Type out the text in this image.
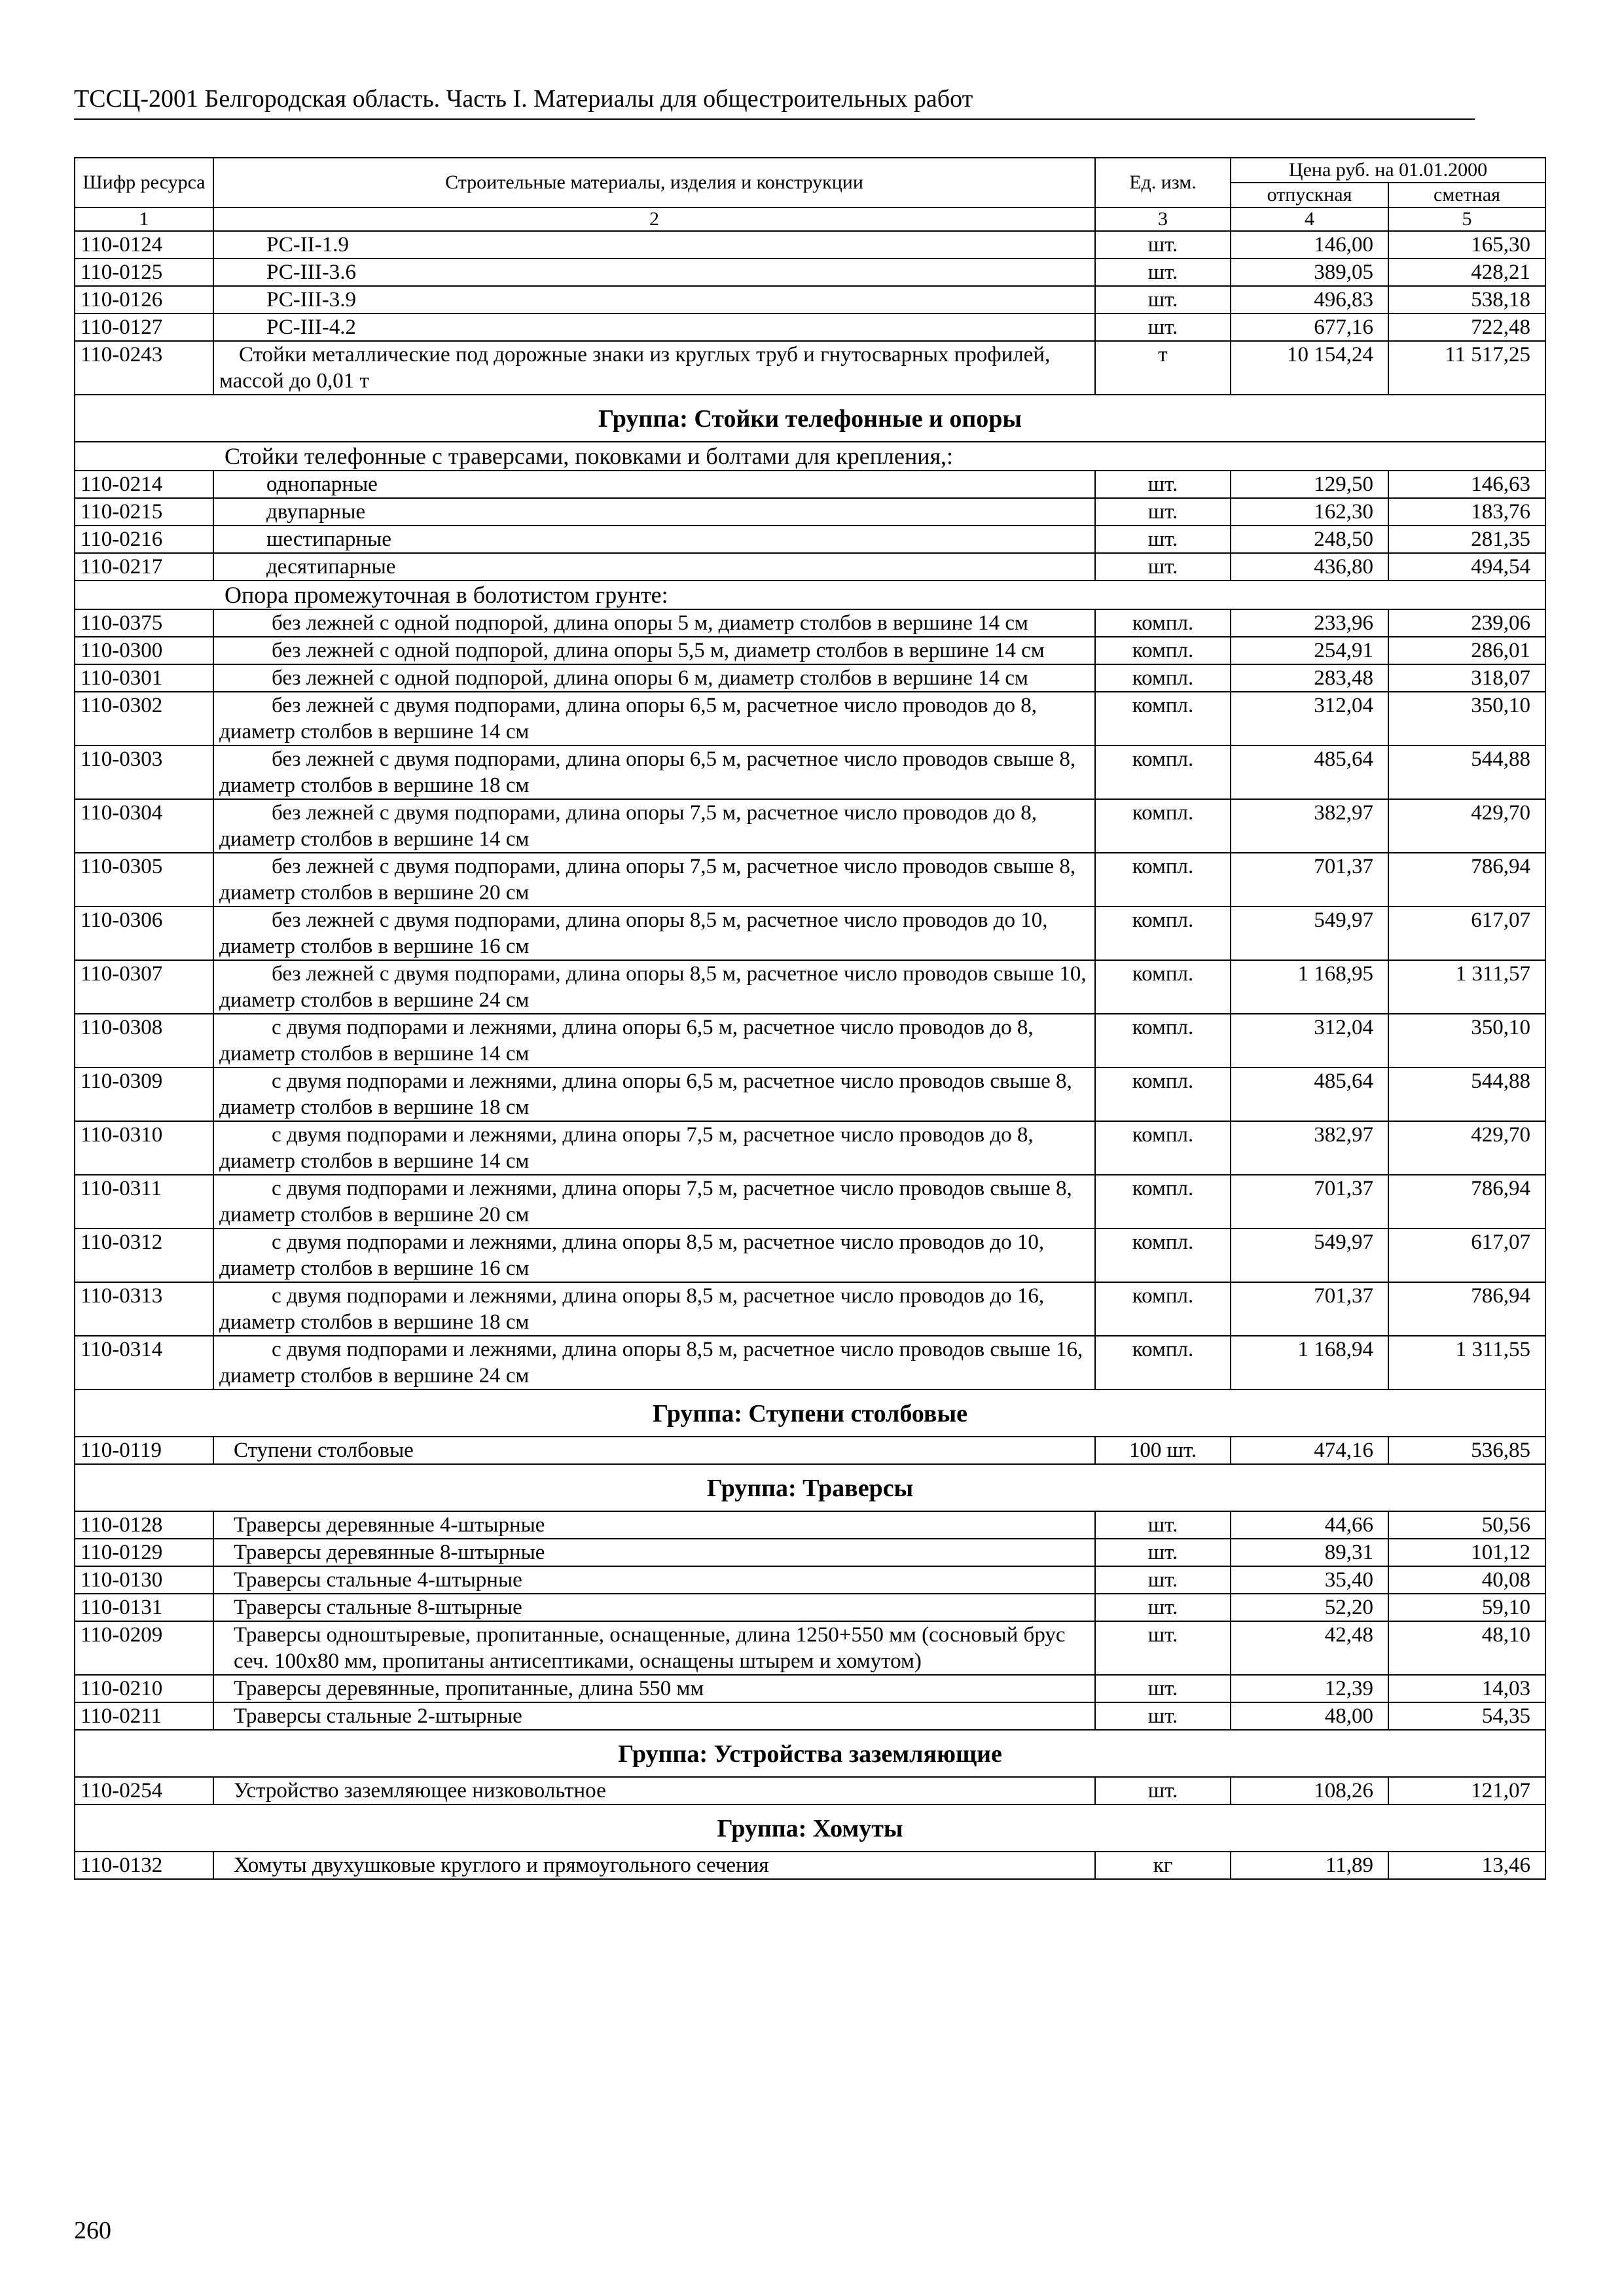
ТССЦ-2001 Белгородская область. Часть I. Материалы для общестроительных работ
Шифр ресурса	Строительные материалы, изделия и конструкции	Ед. изм.	Цена руб. на 01.01.2000	
			отпускная	сметная
1	2	3	4	5
110-0124	РС-II-1.9	шт.	146,00	165,30
110-0125	РС-III-3.6	шт.	389,05	428,21
110-0126	РС-III-3.9	шт.	496,83	538,18
110-0127	РС-III-4.2	шт.	677,16	722,48
110-0243	Стойки металлические под дорожные знаки из круглых труб и гнутосварных профилей, массой до 0,01 т	т	10 154,24	11 517,25
Группа: Стойки телефонные и опоры				
Стойки телефонные с траверсами, поковками и болтами для крепления,:				
110-0214	однопарные	шт.	129,50	146,63
110-0215	двупарные	шт.	162,30	183,76
110-0216	шестипарные	шт.	248,50	281,35
110-0217	десятипарные	шт.	436,80	494,54
Опора промежуточная в болотистом грунте:				
110-0375	без лежней с одной подпорой, длина опоры 5 м, диаметр столбов в вершине 14 см	компл.	233,96	239,06
110-0300	без лежней с одной подпорой, длина опоры 5,5 м, диаметр столбов в вершине 14 см	компл.	254,91	286,01
110-0301	без лежней с одной подпорой, длина опоры 6 м, диаметр столбов в вершине 14 см	компл.	283,48	318,07
110-0302	без лежней с двумя подпорами, длина опоры 6,5 м, расчетное число проводов до 8, диаметр столбов в вершине 14 см	компл.	312,04	350,10
110-0303	без лежней с двумя подпорами, длина опоры 6,5 м, расчетное число проводов свыше 8, диаметр столбов в вершине 18 см	компл.	485,64	544,88
110-0304	без лежней с двумя подпорами, длина опоры 7,5 м, расчетное число проводов до 8, диаметр столбов в вершине 14 см	компл.	382,97	429,70
110-0305	без лежней с двумя подпорами, длина опоры 7,5 м, расчетное число проводов свыше 8, диаметр столбов в вершине 20 см	компл.	701,37	786,94
110-0306	без лежней с двумя подпорами, длина опоры 8,5 м, расчетное число проводов до 10, диаметр столбов в вершине 16 см	компл.	549,97	617,07
110-0307	без лежней с двумя подпорами, длина опоры 8,5 м, расчетное число проводов свыше 10, диаметр столбов в вершине 24 см	компл.	1 168,95	1 311,57
110-0308	с двумя подпорами и лежнями, длина опоры 6,5 м, расчетное число проводов до 8, диаметр столбов в вершине 14 см	компл.	312,04	350,10
110-0309	с двумя подпорами и лежнями, длина опоры 6,5 м, расчетное число проводов свыше 8, диаметр столбов в вершине 18 см	компл.	485,64	544,88
110-0310	с двумя подпорами и лежнями, длина опоры 7,5 м, расчетное число проводов до 8, диаметр столбов в вершине 14 см	компл.	382,97	429,70
110-0311	с двумя подпорами и лежнями, длина опоры 7,5 м, расчетное число проводов свыше 8, диаметр столбов в вершине 20 см	компл.	701,37	786,94
110-0312	с двумя подпорами и лежнями, длина опоры 8,5 м, расчетное число проводов до 10, диаметр столбов в вершине 16 см	компл.	549,97	617,07
110-0313	с двумя подпорами и лежнями, длина опоры 8,5 м, расчетное число проводов до 16, диаметр столбов в вершине 18 см	компл.	701,37	786,94
110-0314	с двумя подпорами и лежнями, длина опоры 8,5 м, расчетное число проводов свыше 16, диаметр столбов в вершине 24 см	компл.	1 168,94	1 311,55
Группа: Ступени столбовые				
110-0119	Ступени столбовые	100 шт.	474,16	536,85
Группа: Траверсы				
110-0128	Траверсы деревянные 4-штырные	шт.	44,66	50,56
110-0129	Траверсы деревянные 8-штырные	шт.	89,31	101,12
110-0130	Траверсы стальные 4-штырные	шт.	35,40	40,08
110-0131	Траверсы стальные 8-штырные	шт.	52,20	59,10
110-0209	Траверсы одноштыревые, пропитанные, оснащенные, длина 1250+550 мм (сосновый брус сеч. 100х80 мм, пропитаны антисептиками, оснащены штырем и хомутом)	шт.	42,48	48,10
110-0210	Траверсы деревянные, пропитанные, длина 550 мм	шт.	12,39	14,03
110-0211	Траверсы стальные 2-штырные	шт.	48,00	54,35
Группа: Устройства заземляющие				
110-0254	Устройство заземляющее низковольтное	шт.	108,26	121,07
Группа: Хомуты				
110-0132	Хомуты двухушковые круглого и прямоугольного сечения	кг	11,89	13,46
260
